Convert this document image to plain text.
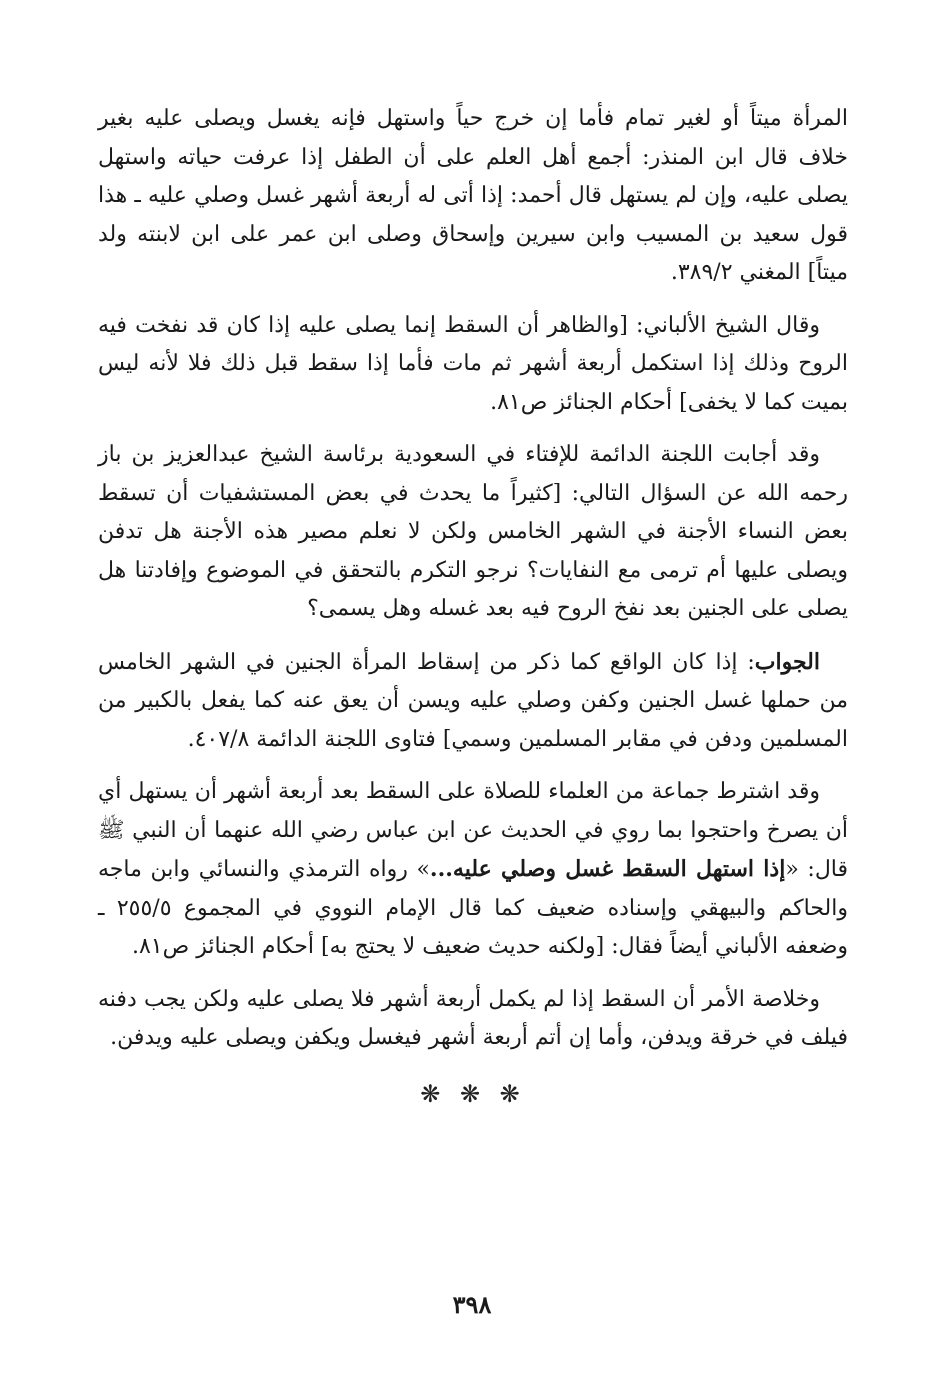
المرأة ميتاً أو لغير تمام فأما إن خرج حياً واستهل فإنه يغسل ويصلى عليه بغير خلاف قال ابن المنذر: أجمع أهل العلم على أن الطفل إذا عرفت حياته واستهل يصلى عليه، وإن لم يستهل قال أحمد: إذا أتى له أربعة أشهر غسل وصلي عليه ـ هذا قول سعيد بن المسيب وابن سيرين وإسحاق وصلى ابن عمر على ابن لابنته ولد ميتاً] المغني ٣٨٩/٢.

وقال الشيخ الألباني: [والظاهر أن السقط إنما يصلى عليه إذا كان قد نفخت فيه الروح وذلك إذا استكمل أربعة أشهر ثم مات فأما إذا سقط قبل ذلك فلا لأنه ليس بميت كما لا يخفى] أحكام الجنائز ص٨١.

وقد أجابت اللجنة الدائمة للإفتاء في السعودية برئاسة الشيخ عبدالعزيز بن باز رحمه الله عن السؤال التالي: [كثيراً ما يحدث في بعض المستشفيات أن تسقط بعض النساء الأجنة في الشهر الخامس ولكن لا نعلم مصير هذه الأجنة هل تدفن ويصلى عليها أم ترمى مع النفايات؟ نرجو التكرم بالتحقق في الموضوع وإفادتنا هل يصلى على الجنين بعد نفخ الروح فيه بعد غسله وهل يسمى؟

الجواب: إذا كان الواقع كما ذكر من إسقاط المرأة الجنين في الشهر الخامس من حملها غسل الجنين وكفن وصلي عليه ويسن أن يعق عنه كما يفعل بالكبير من المسلمين ودفن في مقابر المسلمين وسمي] فتاوى اللجنة الدائمة ٤٠٧/٨.

وقد اشترط جماعة من العلماء للصلاة على السقط بعد أربعة أشهر أن يستهل أي أن يصرخ واحتجوا بما روي في الحديث عن ابن عباس رضي الله عنهما أن النبي ﷺ قال: «إذا استهل السقط غسل وصلي عليه...» رواه الترمذي والنسائي وابن ماجه والحاكم والبيهقي وإسناده ضعيف كما قال الإمام النووي في المجموع ٢٥٥/٥ ـ وضعفه الألباني أيضاً فقال: [ولكنه حديث ضعيف لا يحتج به] أحكام الجنائز ص٨١.

وخلاصة الأمر أن السقط إذا لم يكمل أربعة أشهر فلا يصلى عليه ولكن يجب دفنه فيلف في خرقة ويدفن، وأما إن أتم أربعة أشهر فيغسل ويكفن ويصلى عليه ويدفن.

❋ ❋ ❋
٣٩٨
